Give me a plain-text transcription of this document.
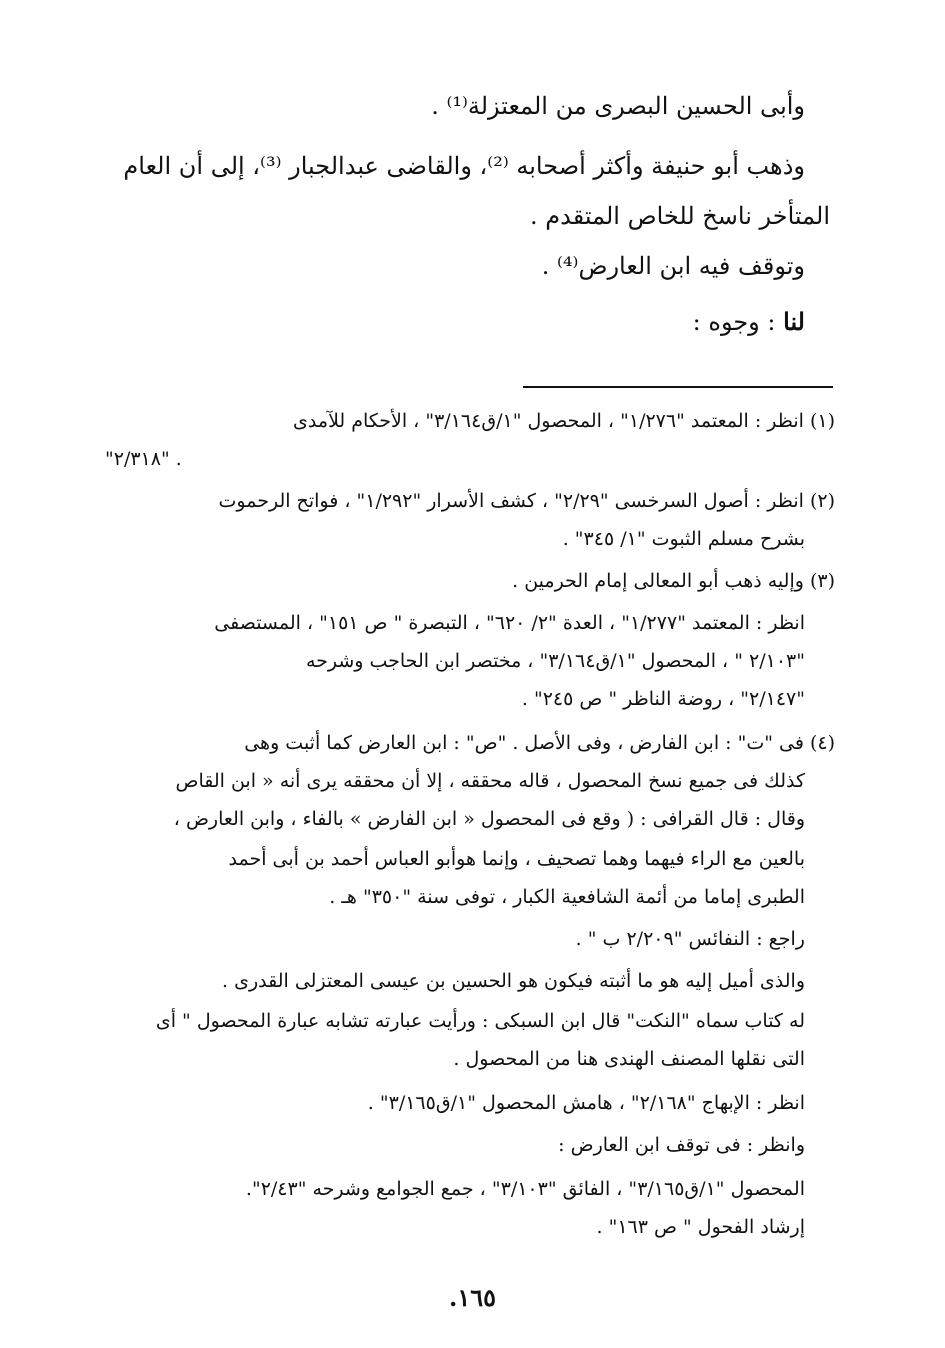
وأبى الحسين البصرى من المعتزلة⁽¹⁾ .
وذهب أبو حنيفة وأكثر أصحابه ⁽²⁾، والقاضى عبدالجبار ⁽³⁾، إلى أن العام
المتأخر ناسخ للخاص المتقدم .
وتوقف فيه ابن العارض⁽⁴⁾ .
لنا : وجوه :
(١) انظر : المعتمد "١/٢٧٦" ، المحصول "١/ق٣/١٦٤" ، الأحكام للآمدى
"٢/٣١٨" .
(٢) انظر : أصول السرخسى "٢/٢٩" ، كشف الأسرار "١/٢٩٢" ، فواتح الرحموت
بشرح مسلم الثبوت "١/ ٣٤٥" .
(٣) وإليه ذهب أبو المعالى إمام الحرمين .
انظر : المعتمد "١/٢٧٧" ، العدة "٢/ ٦٢٠" ، التبصرة " ص ١٥١" ، المستصفى
"٢/١٠٣ " ، المحصول "١/ق٣/١٦٤" ، مختصر ابن الحاجب وشرحه
"٢/١٤٧" ، روضة الناظر " ص ٢٤٥" .
(٤) فى "ت" : ابن الفارض ، وفى الأصل . "ص" : ابن العارض كما أثبت وهى
كذلك فى جميع نسخ المحصول ، قاله محققه ، إلا أن محققه يرى أنه « ابن القاص
وقال : قال القرافى : ( وقع فى المحصول « ابن الفارض » بالفاء ، وابن العارض ،
بالعين مع الراء فيهما وهما تصحيف ، وإنما هوأبو العباس أحمد بن أبى أحمد
الطبرى إماما من أئمة الشافعية الكبار ، توفى سنة "٣٥٠" هـ .
راجع : النفائس "٢/٢٠٩ ب " .
والذى أميل إليه هو ما أثبته فيكون هو الحسين بن عيسى المعتزلى القدرى .
له كتاب سماه "النكت" قال ابن السبكى : ورأيت عبارته تشابه عبارة المحصول " أى
التى نقلها المصنف الهندى هنا من المحصول .
انظر : الإبهاج "٢/١٦٨" ، هامش المحصول "١/ق٣/١٦٥" .
وانظر : فى توقف ابن العارض :
المحصول "١/ق٣/١٦٥" ، الفائق "٣/١٠٣" ، جمع الجوامع وشرحه "٢/٤٣".
إرشاد الفحول " ص ١٦٣" .
١٦٥.
